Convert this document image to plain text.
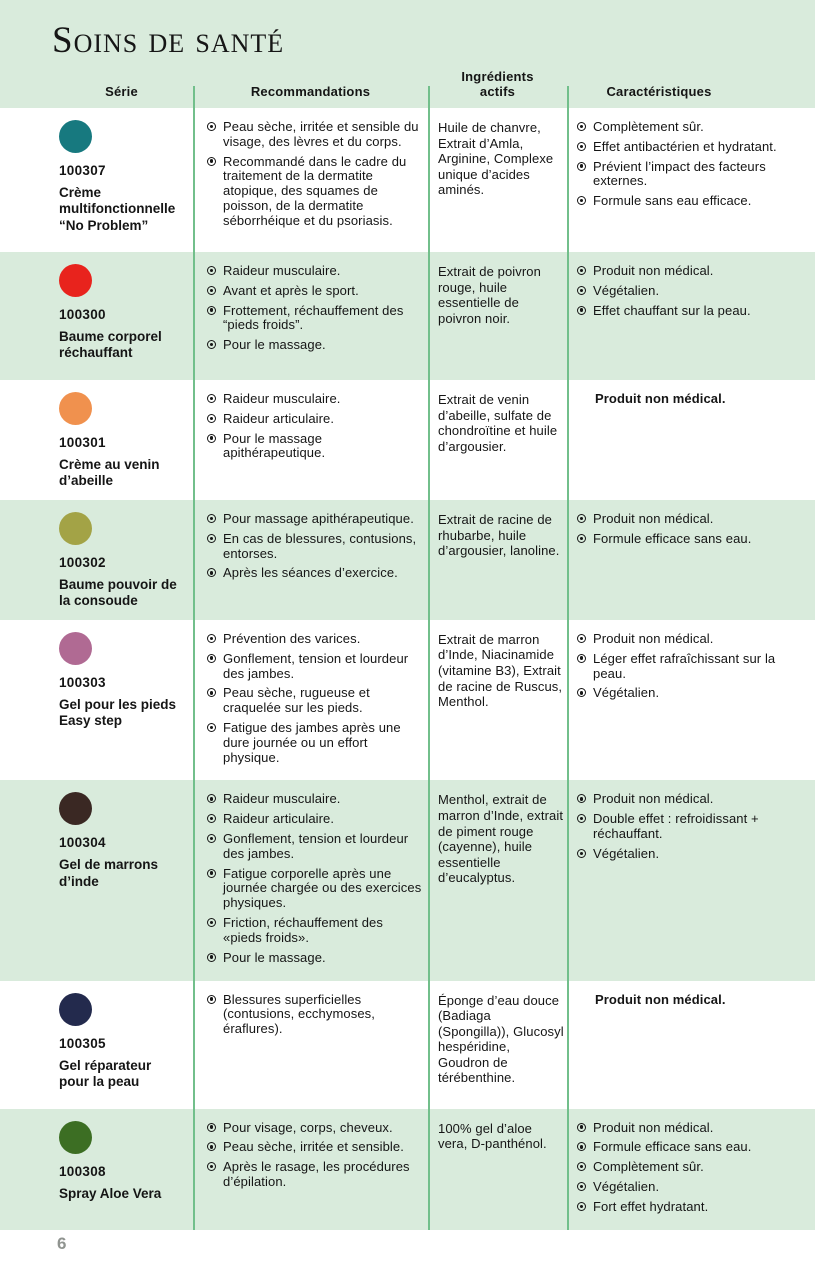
Soins de santé
Série	Recommandations
Ingrédients actifs	Caractéristiques
100307
Crème multifonctionnelle “No Problem”
Peau sèche, irritée et sensible du visage, des lèvres et du corps.
Recommandé dans le cadre du traitement de la dermatite atopique, des squames de poisson, de la dermatite séborrhéique et du psoriasis.

Huile de chanvre, Extrait d’Amla, Arginine, Complexe unique d’acides aminés.

Complètement sûr.
Effet antibactérien et hydratant.
Prévient l’impact des facteurs externes.
Formule sans eau efficace.
100300
Baume corporel réchauffant
Raideur musculaire.
Avant et après le sport.
Frottement, réchauffement des “pieds froids”.
Pour le massage.

Extrait de poivron rouge, huile essentielle de poivron noir.

Produit non médical.
Végétalien.
Effet chauffant sur la peau.
100301
Crème au venin d’abeille
Raideur musculaire.
Raideur articulaire.
Pour le massage apithérapeutique.

Extrait de venin d’abeille, sulfate de chondroïtine et huile d’argousier.

Produit non médical.
100302
Baume pouvoir de la consoude
Pour massage apithérapeutique.
En cas de blessures, contusions, entorses.
Après les séances d’exercice.

Extrait de racine de rhubarbe, huile d’argousier, lanoline.

Produit non médical.
Formule efficace sans eau.
100303
Gel pour les pieds Easy step
Prévention des varices.
Gonflement, tension et lourdeur des jambes.
Peau sèche, rugueuse et craquelée sur les pieds.
Fatigue des jambes après une dure journée ou un effort physique.

Extrait de marron d’Inde, Niacinamide (vitamine B3), Extrait de racine de Ruscus, Menthol.

Produit non médical.
Léger effet rafraîchissant sur la peau.
Végétalien.
100304
Gel de marrons d’inde
Raideur musculaire.
Raideur articulaire.
Gonflement, tension et lourdeur des jambes.
Fatigue corporelle après une journée chargée ou des exercices physiques.
Friction, réchauffement des «pieds froids».
Pour le massage.

Menthol, extrait de marron d’Inde, extrait de piment rouge (cayenne), huile essentielle d’eucalyptus.

Produit non médical.
Double effet : refroidissant + réchauffant.
Végétalien.
100305
Gel réparateur pour la peau
Blessures superficielles (contusions, ecchymoses, éraflures).

Éponge d’eau douce (Badiaga (Spongilla)), Glucosyl hespéridine, Goudron de térébenthine.

Produit non médical.
100308
Spray Aloe Vera
Pour visage, corps, cheveux.
Peau sèche, irritée et sensible.
Après le rasage, les procédures d’épilation.

100% gel d’aloe vera, D-panthénol.

Produit non médical.
Formule efficace sans eau.
Complètement sûr.
Végétalien.
Fort effet hydratant.
6
